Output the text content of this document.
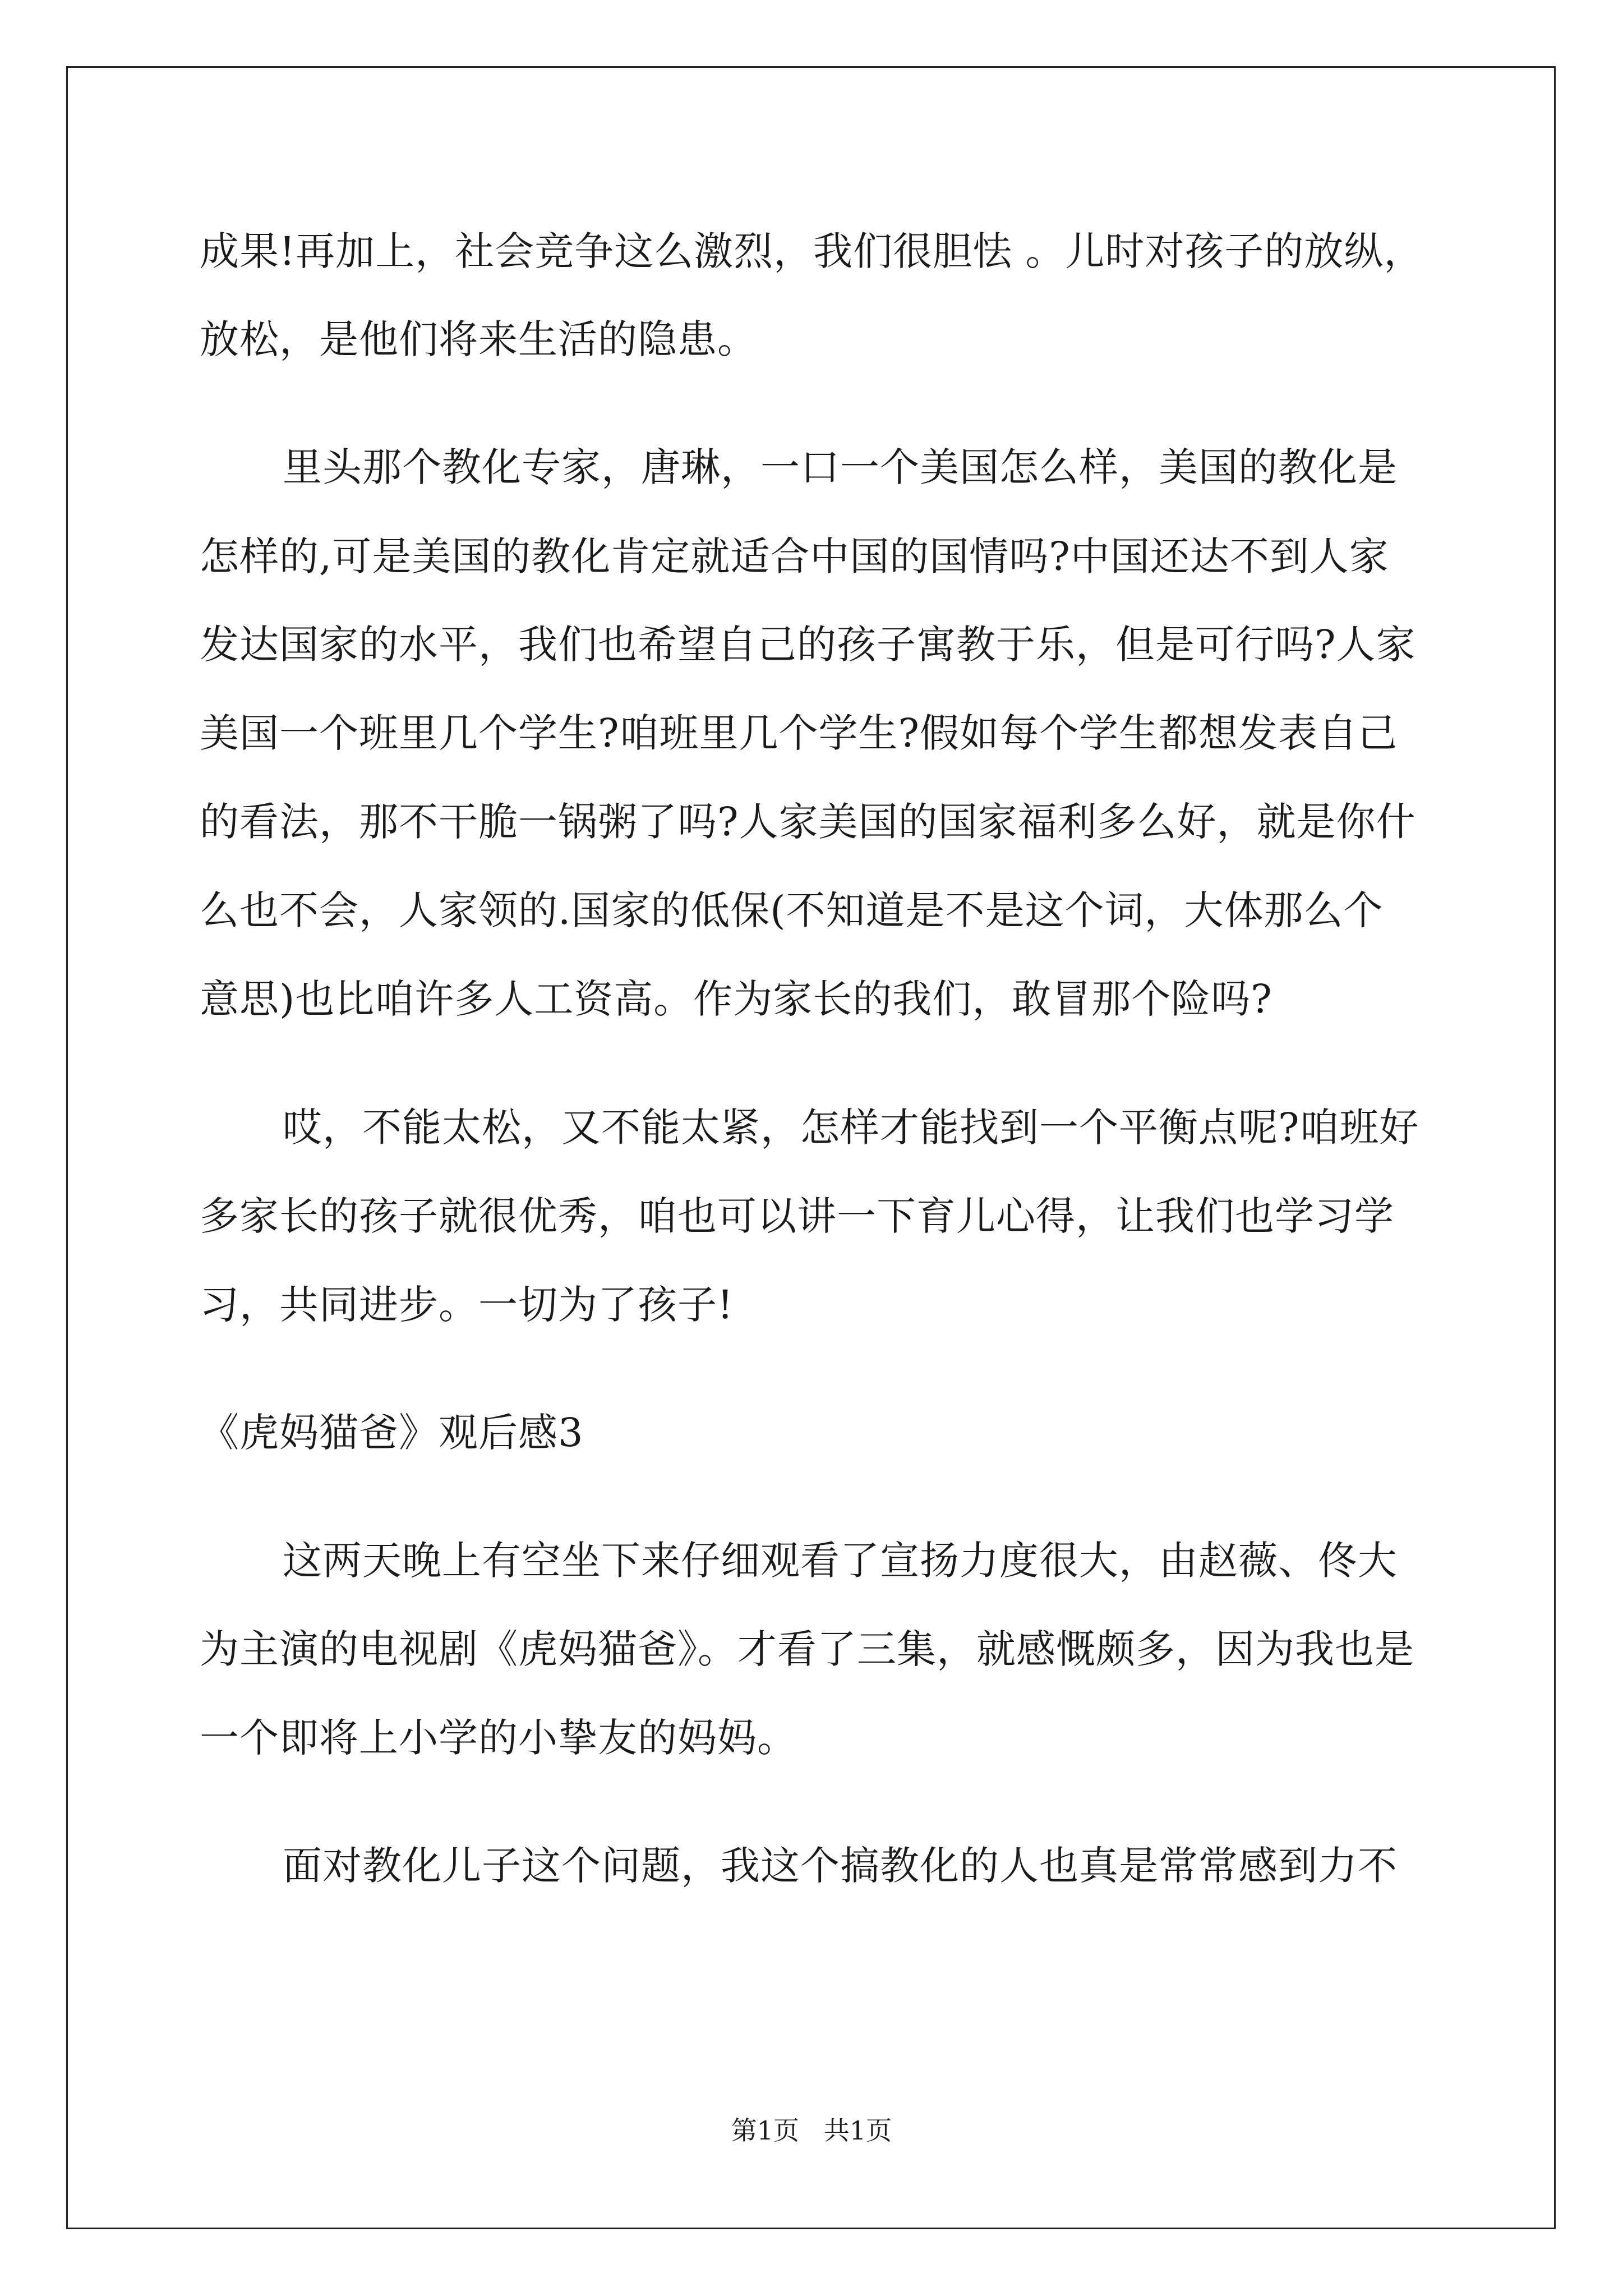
成果!再加上，社会竞争这么激烈，我们很胆怯 。儿时对孩子的放纵，
放松，是他们将来生活的隐患。
里头那个教化专家，唐琳，一口一个美国怎么样，美国的教化是
怎样的,可是美国的教化肯定就适合中国的国情吗?中国还达不到人家
发达国家的水平，我们也希望自己的孩子寓教于乐，但是可行吗?人家
美国一个班里几个学生?咱班里几个学生?假如每个学生都想发表自己
的看法，那不干脆一锅粥了吗?人家美国的国家福利多么好，就是你什
么也不会，人家领的.国家的低保(不知道是不是这个词，大体那么个
意思)也比咱许多人工资高。作为家长的我们，敢冒那个险吗?
哎，不能太松，又不能太紧，怎样才能找到一个平衡点呢?咱班好
多家长的孩子就很优秀，咱也可以讲一下育儿心得，让我们也学习学
习，共同进步。一切为了孩子!
《虎妈猫爸》观后感3
这两天晚上有空坐下来仔细观看了宣扬力度很大，由赵薇、佟大
为主演的电视剧《虎妈猫爸》。才看了三集，就感慨颇多，因为我也是
一个即将上小学的小挚友的妈妈。
面对教化儿子这个问题，我这个搞教化的人也真是常常感到力不
第1页   共1页
